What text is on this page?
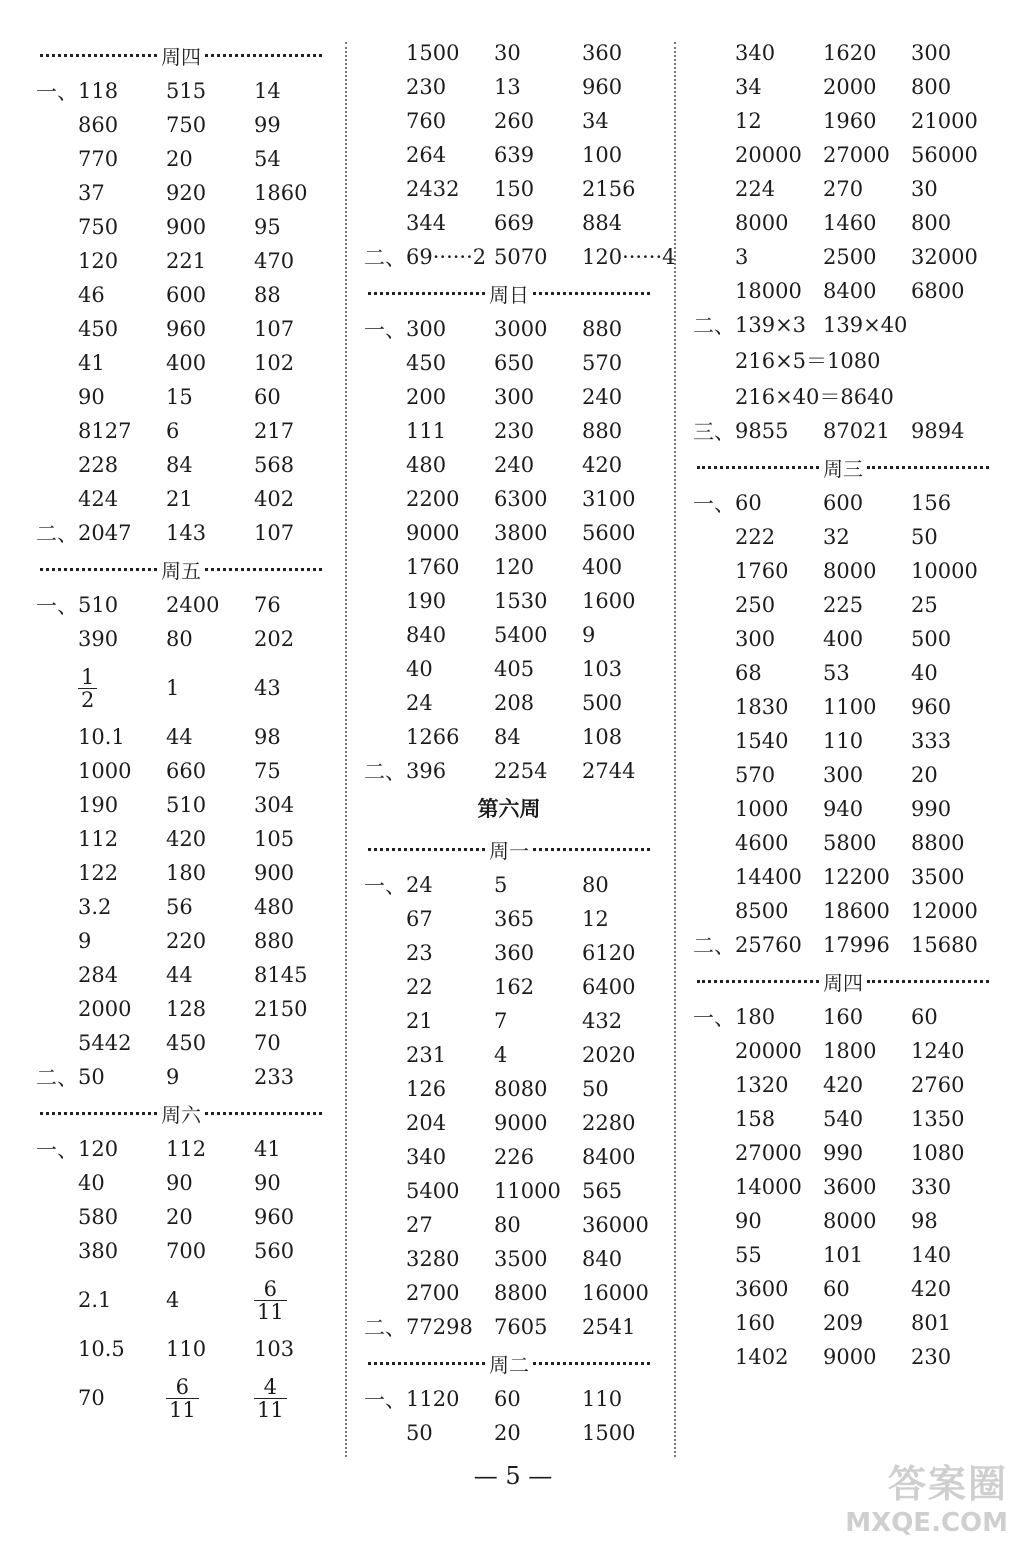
周四
一、 118	515	14
860	750	99
770	20	54
37	920	1860
750	900	95
120	221	470
46	600	88
450	960	107
41	400	102
90	15	60
8127	6	217
228	84	568
424	21	402
二、 2047	143	107
周五
一、 510	2400	76
390	80	202
$\frac{1}{2}$	1	43
10.1	44	98
1000	660	75
190	510	304
112	420	105
122	180	900
3.2	56	480
9	220	880
284	44	8145
2000	128	2150
5442	450	70
二、 50	9	233
周六
一、 120	112	41
40	90	90
580	20	960
380	700	560
2.1	4	$\frac{6}{11}$
10.5	110	103
70	$\frac{6}{11}$	$\frac{4}{11}$
1500	30	360
230	13	960
760	260	34
264	639	100
2432	150	2156
344	669	884
二、 69······2 5070	120······4
周日
一、 300	3000	880
450	650	570
200	300	240
111	230	880
480	240	420
2200	6300	3100
9000	3800	5600
1760	120	400
190	1530	1600
840	5400	9
40	405	103
24	208	500
1266	84	108
二、 396	2254	2744
第六周
周一
一、 24	5	80
67	365	12
23	360	6120
22	162	6400
21	7	432
231	4	2020
126	8080	50
204	9000	2280
340	226	8400
5400	11000	565
27	80	36000
3280	3500	840
2700	8800	16000
二、 77298	7605	2541
周二
一、 1120	60	110
50	20	1500
340	1620	300
34	2000	800
12	1960	21000
20000	27000	56000
224	270	30
8000	1460	800
3	2500	32000
18000	8400	6800
二、 139×3 139×40
216×5＝1080
216×40＝8640
三、 9855	87021	9894
周三
一、 60	600	156
222	32	50
1760	8000	10000
250	225	25
300	400	500
68	53	40
1830	1100	960
1540	110	333
570	300	20
1000	940	990
4600	5800	8800
14400	12200	3500
8500	18600	12000
二、 25760	17996	15680
周四
一、 180	160	60
20000	1800	1240
1320	420	2760
158	540	1350
27000	990	1080
14000	3600	330
90	8000	98
55	101	140
3600	60	420
160	209	801
1402	9000	230
— 5 —	答案圈
MXQE.COM
